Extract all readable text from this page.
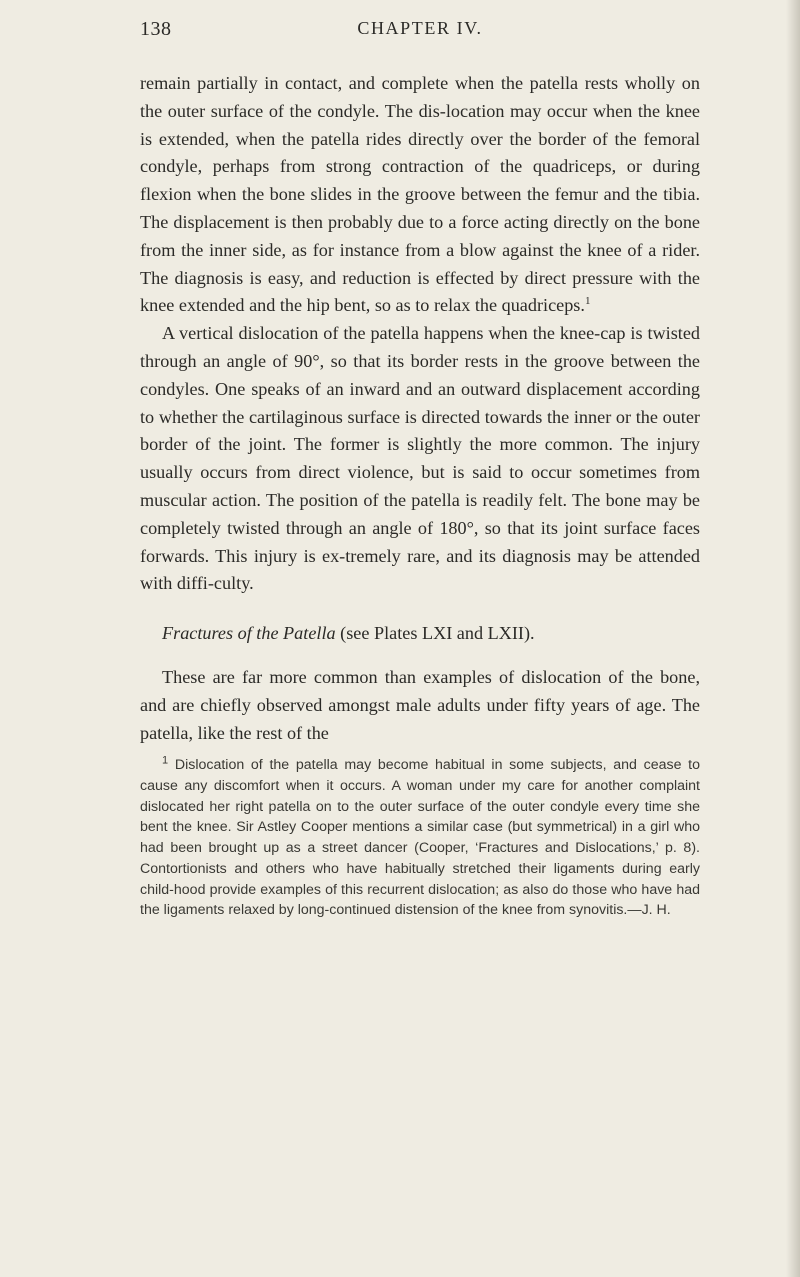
138	CHAPTER IV.

remain partially in contact, and complete when the patella rests wholly on the outer surface of the condyle. The dis-location may occur when the knee is extended, when the patella rides directly over the border of the femoral condyle, perhaps from strong contraction of the quadriceps, or during flexion when the bone slides in the groove between the femur and the tibia. The displacement is then probably due to a force acting directly on the bone from the inner side, as for instance from a blow against the knee of a rider. The diagnosis is easy, and reduction is effected by direct pressure with the knee extended and the hip bent, so as to relax the quadriceps.$^1$

A vertical dislocation of the patella happens when the knee-cap is twisted through an angle of 90°, so that its border rests in the groove between the condyles. One speaks of an inward and an outward displacement according to whether the cartilaginous surface is directed towards the inner or the outer border of the joint. The former is slightly the more common. The injury usually occurs from direct violence, but is said to occur sometimes from muscular action. The position of the patella is readily felt. The bone may be completely twisted through an angle of 180°, so that its joint surface faces forwards. This injury is ex-tremely rare, and its diagnosis may be attended with diffi-culty.

Fractures of the Patella (see Plates LXI and LXII).

These are far more common than examples of dislocation of the bone, and are chiefly observed amongst male adults under fifty years of age. The patella, like the rest of the

$^1$ Dislocation of the patella may become habitual in some subjects, and cease to cause any discomfort when it occurs. A woman under my care for another complaint dislocated her right patella on to the outer surface of the outer condyle every time she bent the knee. Sir Astley Cooper mentions a similar case (but symmetrical) in a girl who had been brought up as a street dancer (Cooper, ‘Fractures and Dislocations,’ p. 8). Contortionists and others who have habitually stretched their ligaments during early child-hood provide examples of this recurrent dislocation; as also do those who have had the ligaments relaxed by long-continued distension of the knee from synovitis.—J. H.
